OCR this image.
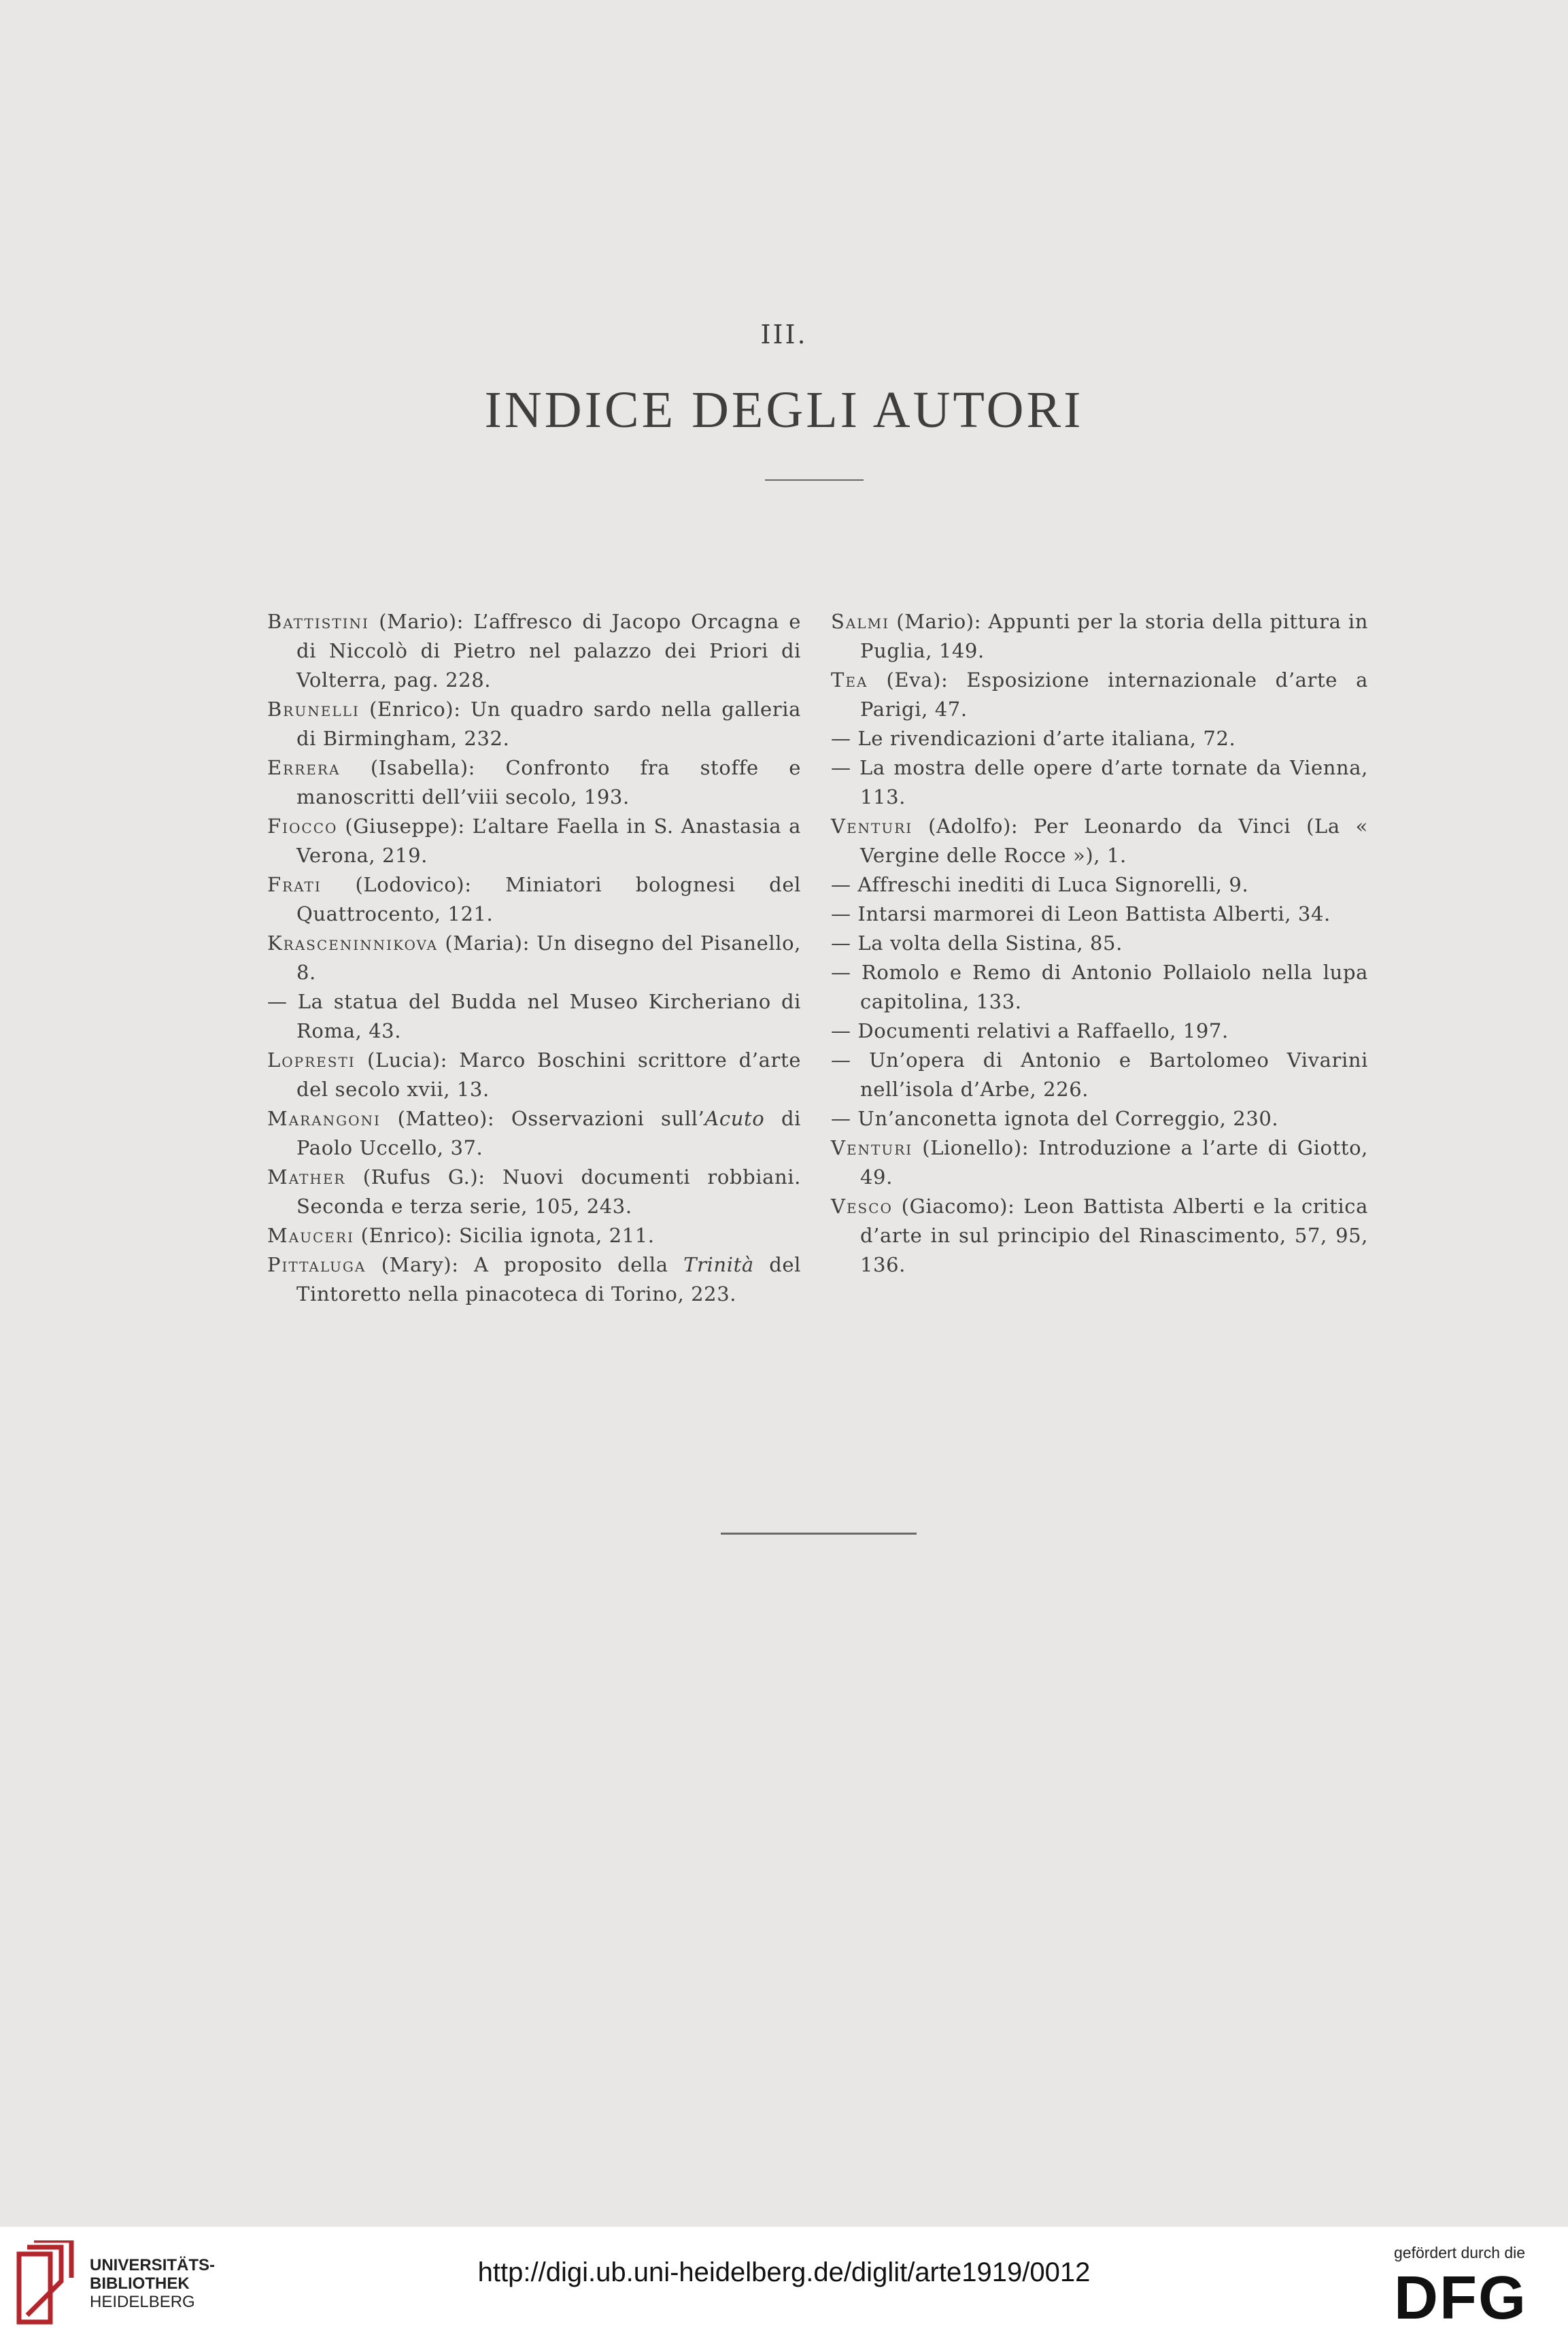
III.
INDICE DEGLI AUTORI
Battistini (Mario): L’affresco di Jacopo Orcagna e di Niccolò di Pietro nel palazzo dei Priori di Volterra, pag. 228.
Brunelli (Enrico): Un quadro sardo nella galleria di Birmingham, 232.
Errera (Isabella): Confronto fra stoffe e manoscritti dell’viii secolo, 193.
Fiocco (Giuseppe): L’altare Faella in S. Anastasia a Verona, 219.
Frati (Lodovico): Miniatori bolognesi del Quattrocento, 121.
Krasceninnikova (Maria): Un disegno del Pisanello, 8.
— La statua del Budda nel Museo Kircheriano di Roma, 43.
Lopresti (Lucia): Marco Boschini scrittore d’arte del secolo xvii, 13.
Marangoni (Matteo): Osservazioni sull’Acuto di Paolo Uccello, 37.
Mather (Rufus G.): Nuovi documenti robbiani. Seconda e terza serie, 105, 243.
Mauceri (Enrico): Sicilia ignota, 211.
Pittaluga (Mary): A proposito della Trinità del Tintoretto nella pinacoteca di Torino, 223.
Salmi (Mario): Appunti per la storia della pittura in Puglia, 149.
Tea (Eva): Esposizione internazionale d’arte a Parigi, 47.
— Le rivendicazioni d’arte italiana, 72.
— La mostra delle opere d’arte tornate da Vienna, 113.
Venturi (Adolfo): Per Leonardo da Vinci (La « Vergine delle Rocce »), 1.
— Affreschi inediti di Luca Signorelli, 9.
— Intarsi marmorei di Leon Battista Alberti, 34.
— La volta della Sistina, 85.
— Romolo e Remo di Antonio Pollaiolo nella lupa capitolina, 133.
— Documenti relativi a Raffaello, 197.
— Un’opera di Antonio e Bartolomeo Vivarini nell’isola d’Arbe, 226.
— Un’anconetta ignota del Correggio, 230.
Venturi (Lionello): Introduzione a l’arte di Giotto, 49.
Vesco (Giacomo): Leon Battista Alberti e la critica d’arte in sul principio del Rinascimento, 57, 95, 136.
UNIVERSITÄTS-
BIBLIOTHEK
HEIDELBERG
http://digi.ub.uni-heidelberg.de/diglit/arte1919/0012
gefördert durch die
DFG
